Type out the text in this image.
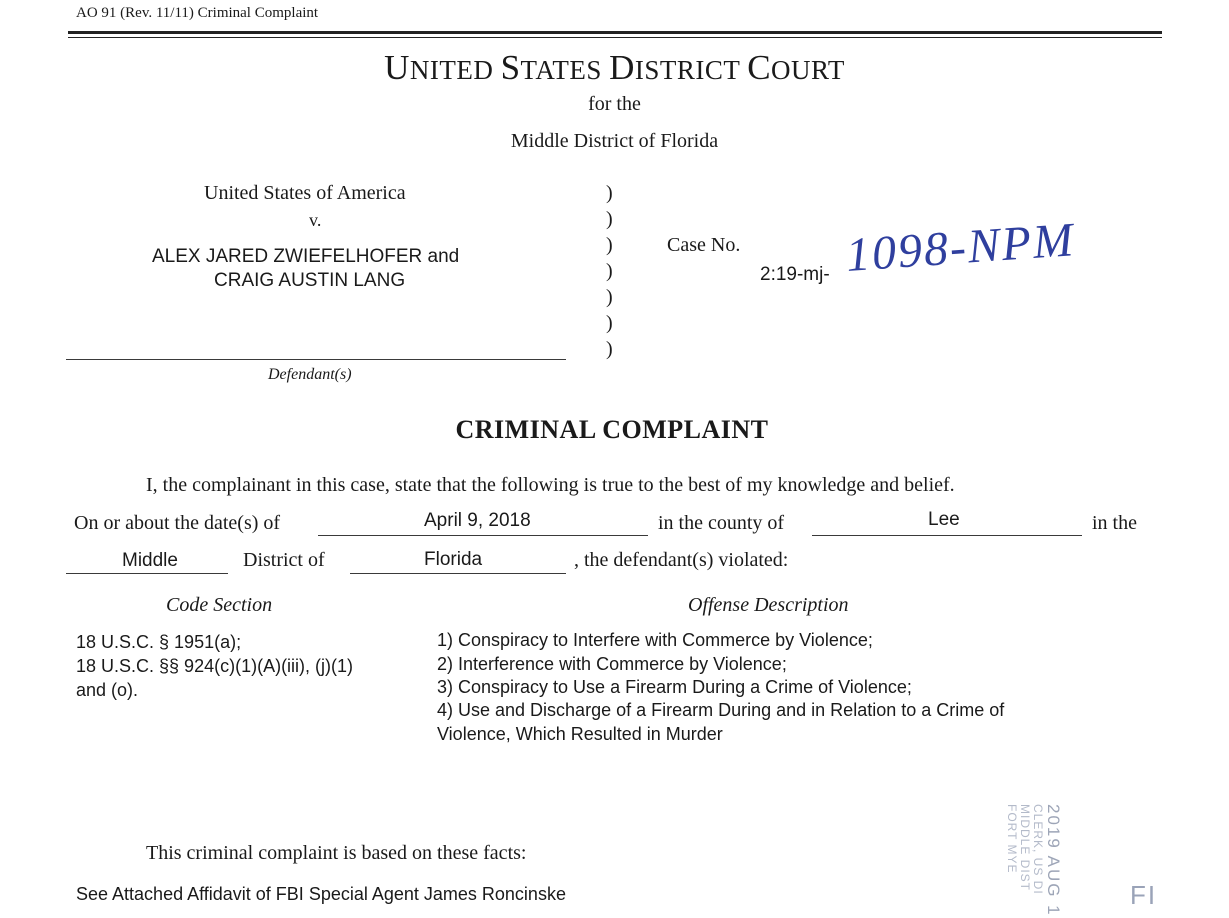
AO 91 (Rev. 11/11) Criminal Complaint
UNITED STATES DISTRICT COURT
for the
Middle District of Florida
United States of America
v.
ALEX JARED ZWIEFELHOFER and
CRAIG AUSTIN LANG
Defendant(s)
)
)
)
)
)
)
)
Case No.
2:19-mj- 1098-NPM
CRIMINAL COMPLAINT
I, the complainant in this case, state that the following is true to the best of my knowledge and belief.
On or about the date(s) of	April 9, 2018	in the county of	Lee	in the
Middle	District of	Florida	, the defendant(s) violated:
Code Section	Offense Description
18 U.S.C. § 1951(a);
18 U.S.C. §§ 924(c)(1)(A)(iii), (j)(1)
and (o).
1) Conspiracy to Interfere with Commerce by Violence;
2) Interference with Commerce by Violence;
3) Conspiracy to Use a Firearm During a Crime of Violence;
4) Use and Discharge of a Firearm During and in Relation to a Crime of
Violence, Which Resulted in Murder
This criminal complaint is based on these facts:
See Attached Affidavit of FBI Special Agent James Roncinske	2019 AUG 1
CLERK, US DI
MIDDLE DIST
FORT MYE
FI
